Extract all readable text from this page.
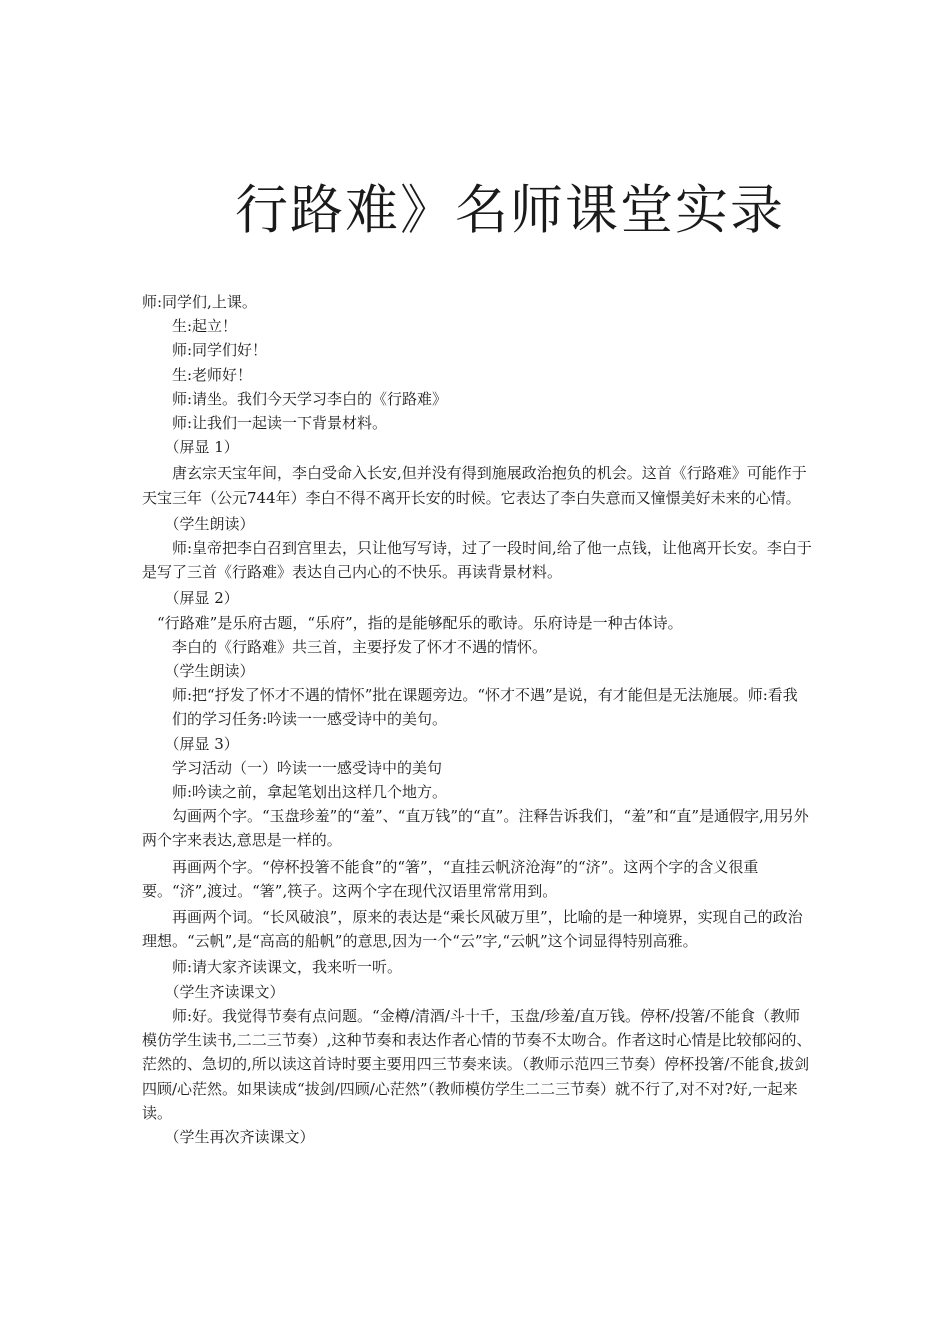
行路难》名师课堂实录

师:同学们,上课。

生:起立！

师:同学们好！

生:老师好！

师:请坐。我们今天学习李白的《行路难》

师:让我们一起读一下背景材料。

（屏显 1）

唐玄宗天宝年间，李白受命入长安,但并没有得到施展政治抱负的机会。这首《行路难》可能作于天宝三年（公元744年）李白不得不离开长安的时候。它表达了李白失意而又憧憬美好未来的心情。

（学生朗读）

师:皇帝把李白召到宫里去，只让他写写诗，过了一段时间,给了他一点钱，让他离开长安。李白于是写了三首《行路难》表达自己内心的不快乐。再读背景材料。

（屏显 2）

“行路难”是乐府古题，“乐府”，指的是能够配乐的歌诗。乐府诗是一种古体诗。

李白的《行路难》共三首，主要抒发了怀才不遇的情怀。

（学生朗读）

师:把“抒发了怀才不遇的情怀”批在课题旁边。“怀才不遇”是说，有才能但是无法施展。师:看我们的学习任务:吟读一一感受诗中的美句。

（屏显 3）

学习活动（一）吟读一一感受诗中的美句

师:吟读之前，拿起笔划出这样几个地方。

勾画两个字。“玉盘珍羞”的“羞”、“直万钱”的“直”。注释告诉我们，“羞”和“直”是通假字,用另外两个字来表达,意思是一样的。

再画两个字。“停杯投箸不能食”的“箸”，“直挂云帆济沧海”的“济”。这两个字的含义很重要。“济”,渡过。“箸”,筷子。这两个字在现代汉语里常常用到。

再画两个词。“长风破浪”，原来的表达是“乘长风破万里”，比喻的是一种境界，实现自己的政治理想。“云帆”,是“高高的船帆”的意思,因为一个“云”字,“云帆”这个词显得特别高雅。

师:请大家齐读课文，我来听一听。

（学生齐读课文）

师:好。我觉得节奏有点问题。“金樽/清酒/斗十千，玉盘/珍羞/直万钱。停杯/投箸/不能食（教师模仿学生读书,二二三节奏）,这种节奏和表达作者心情的节奏不太吻合。作者这时心情是比较郁闷的、茫然的、急切的,所以读这首诗时要主要用四三节奏来读。（教师示范四三节奏）停杯投箸/不能食,拔剑四顾/心茫然。如果读成“拔剑/四顾/心茫然”（教师模仿学生二二三节奏）就不行了,对不对?好,一起来读。

（学生再次齐读课文）
